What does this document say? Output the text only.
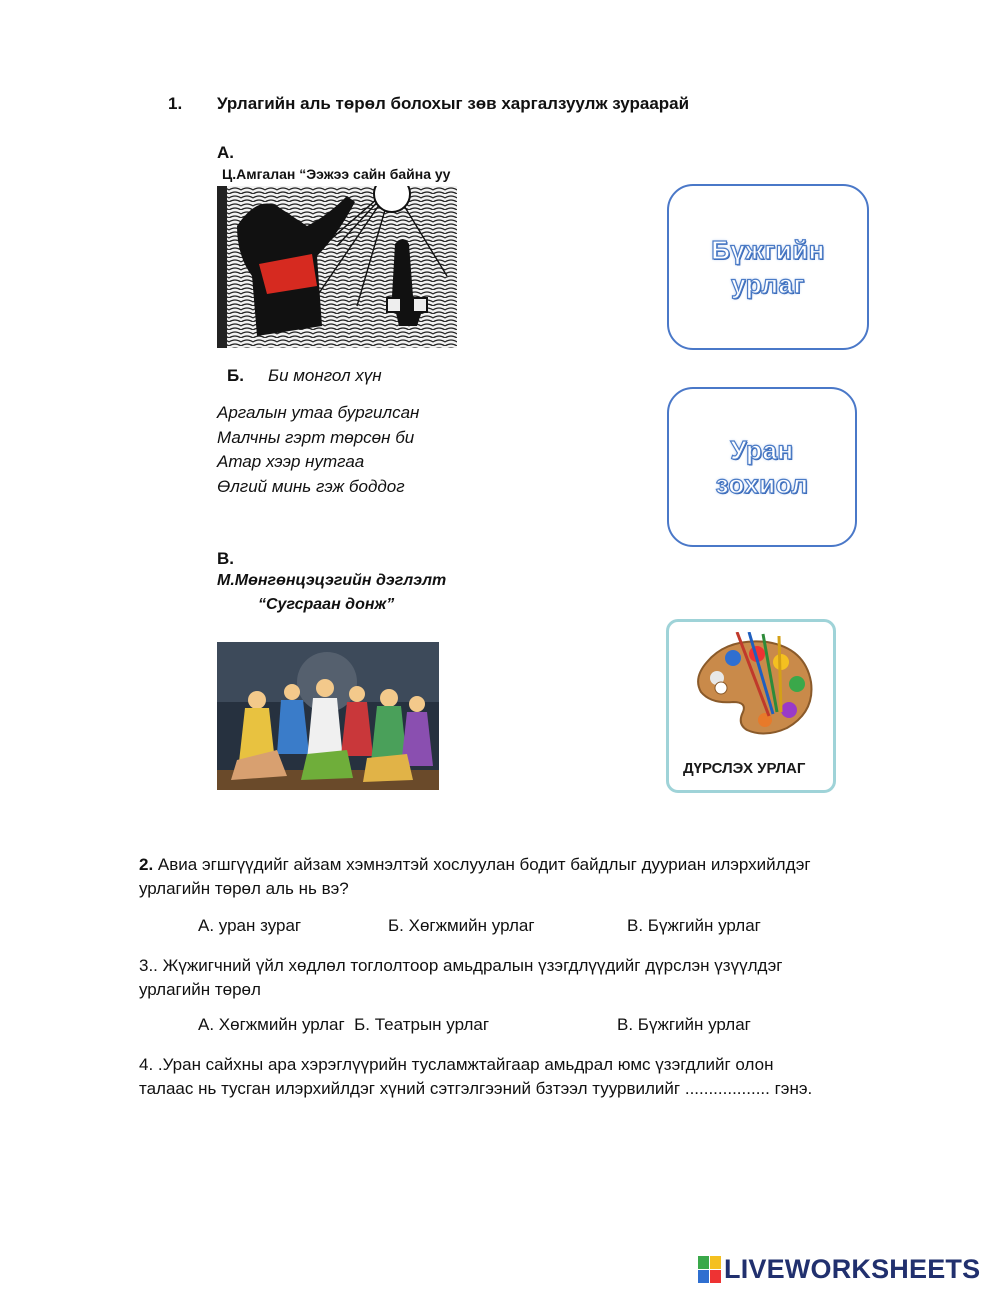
1. Урлагийн аль төрөл болохыг зөв харгалзуулж зураарай
А.
Ц.Амгалан “Ээжээ сайн байна уу
Б. Би монгол хүн
Аргалын утаа бургилсан
Малчны гэрт төрсөн би
Атар хээр нутгаа
Өлгий минь гэж боддог
В.
М.Мөнгөнцэцэгийн дэглэлт
“Сугсраан донж”
Бүжгийн
урлаг
Уран
зохиол
ДҮРСЛЭХ УРЛАГ
2. Авиа эгшгүүдийг айзам хэмнэлтэй хослуулан бодит байдлыг дууриан илэрхийлдэг
урлагийн төрөл аль нь вэ?
А. уран зураг	Б. Хөгжмийн урлаг	В. Бүжгийн урлаг
3.. Жүжигчний үйл хөдлөл тоглолтоор амьдралын үзэгдлүүдийг дүрслэн үзүүлдэг
урлагийн төрөл
А. Хөгжмийн урлаг  Б. Театрын урлаг	В. Бүжгийн урлаг
4. .Уран сайхны ара хэрэглүүрийн тусламжтайгаар амьдрал юмс үзэгдлийг олон
талаас нь тусган илэрхийлдэг хүний сэтгэлгээний бзтээл туурвилийг .................. гэнэ.
LIVEWORKSHEETS
